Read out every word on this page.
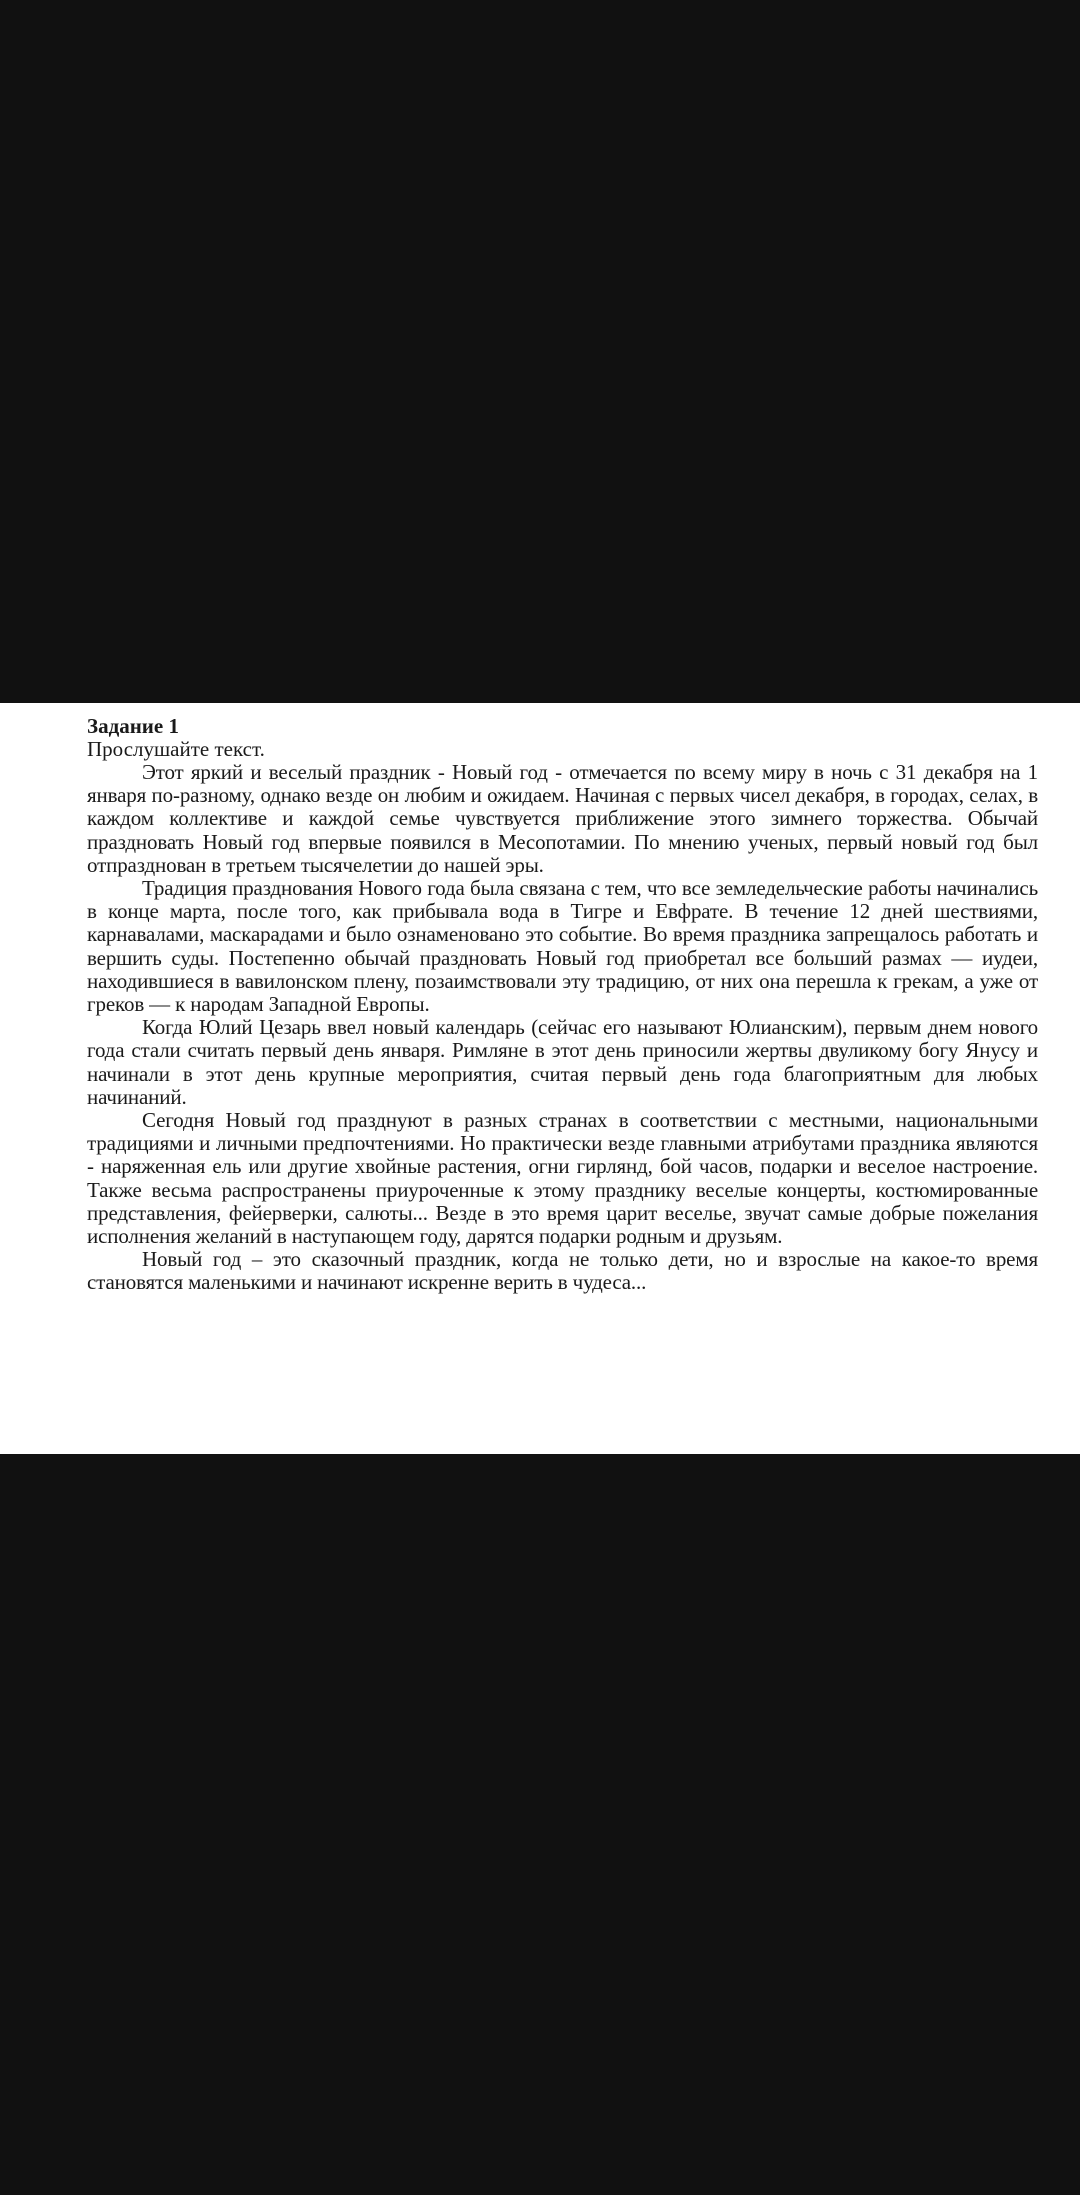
Задание 1

Прослушайте текст.

Этот яркий и веселый праздник - Новый год - отмечается по всему миру в ночь с 31 декабря на 1 января по-разному, однако везде он любим и ожидаем. Начиная с первых чисел декабря, в городах, селах, в каждом коллективе и каждой семье чувствуется приближение этого зимнего торжества. Обычай праздновать Новый год впервые появился в Месопотамии. По мнению ученых, первый новый год был отпразднован в третьем тысячелетии до нашей эры.

Традиция празднования Нового года была связана с тем, что все земледельческие работы начинались в конце марта, после того, как прибывала вода в Тигре и Евфрате. В течение 12 дней шествиями, карнавалами, маскарадами и было ознаменовано это событие. Во время праздника запрещалось работать и вершить суды. Постепенно обычай праздновать Новый год приобретал все больший размах — иудеи, находившиеся в вавилонском плену, позаимствовали эту традицию, от них она перешла к грекам, а уже от греков — к народам Западной Европы.

Когда Юлий Цезарь ввел новый календарь (сейчас его называют Юлианским), первым днем нового года стали считать первый день января. Римляне в этот день приносили жертвы двуликому богу Янусу и начинали в этот день крупные мероприятия, считая первый день года благоприятным для любых начинаний.

Сегодня Новый год празднуют в разных странах в соответствии с местными, национальными традициями и личными предпочтениями. Но практически везде главными атрибутами праздника являются - наряженная ель или другие хвойные растения, огни гирлянд, бой часов, подарки и веселое настроение. Также весьма распространены приуроченные к этому празднику веселые концерты, костюмированные представления, фейерверки, салюты... Везде в это время царит веселье, звучат самые добрые пожелания исполнения желаний в наступающем году, дарятся подарки родным и друзьям.

Новый год – это сказочный праздник, когда не только дети, но и взрослые на какое-то время становятся маленькими и начинают искренне верить в чудеса...
